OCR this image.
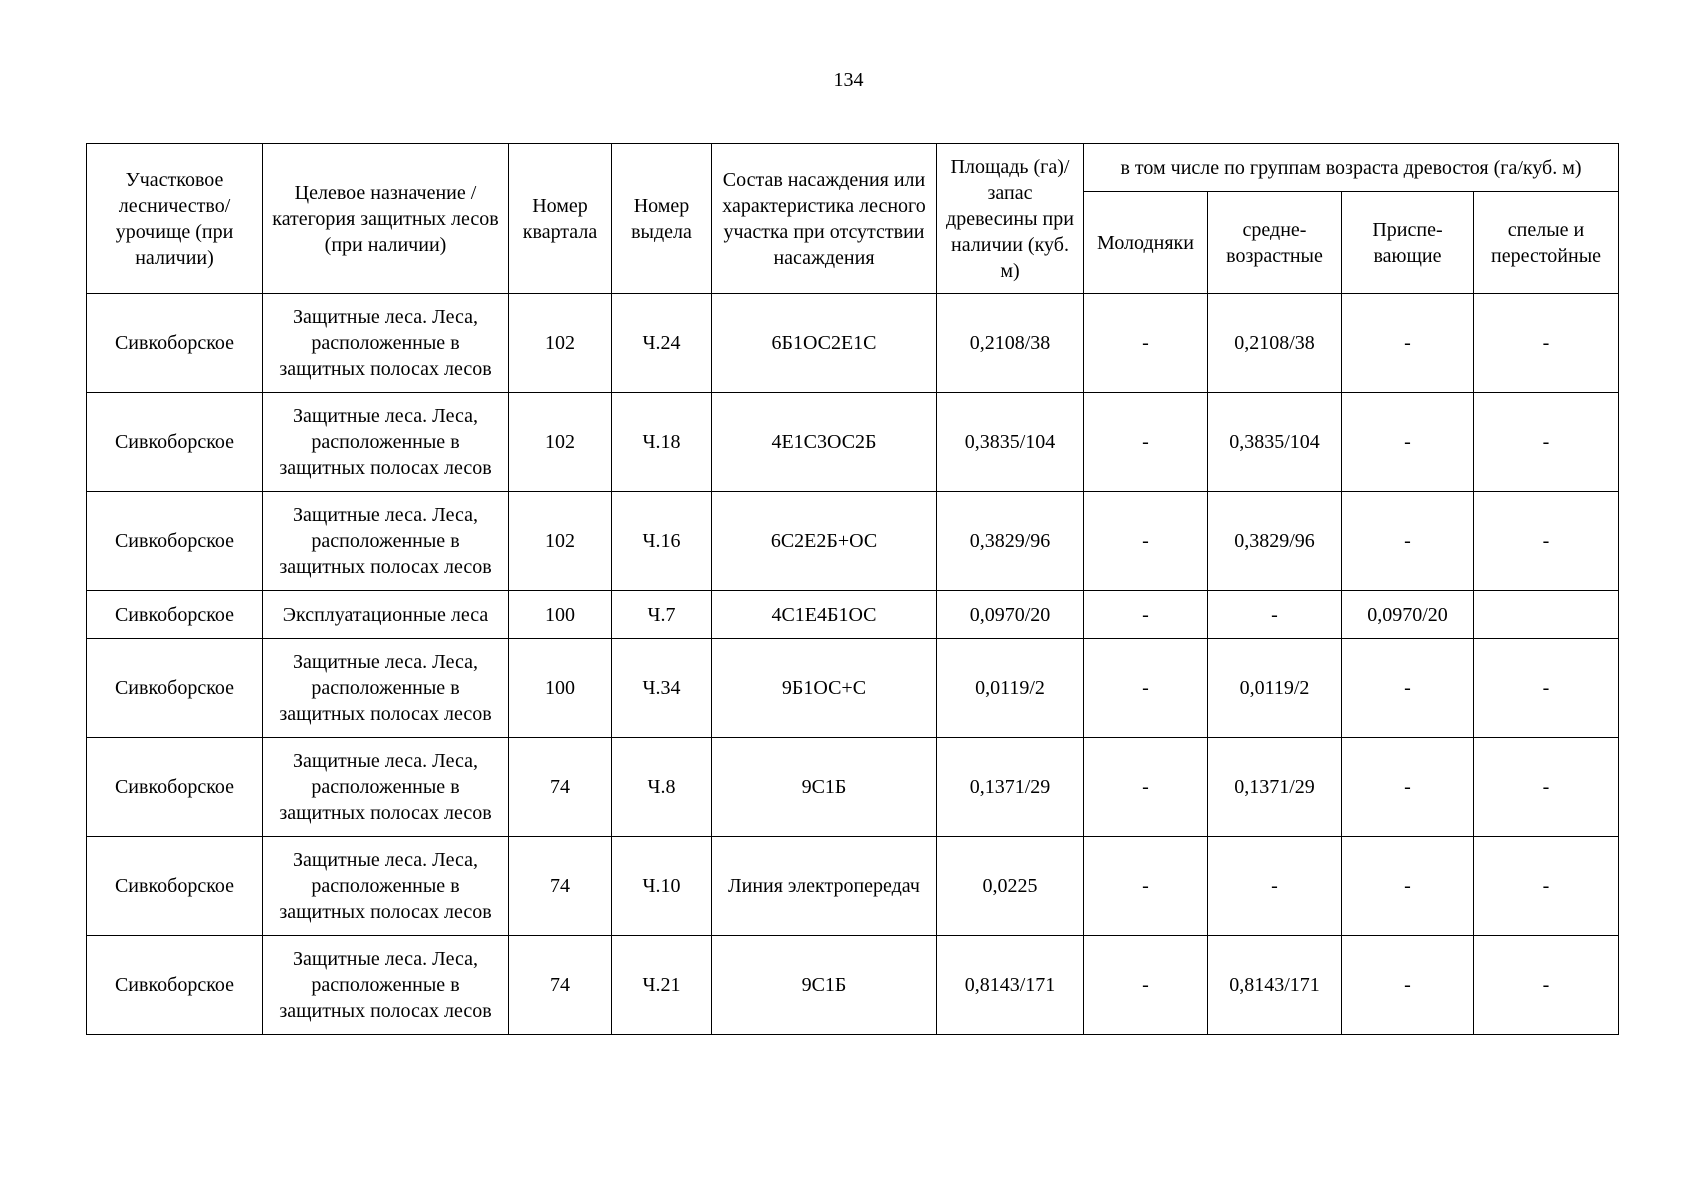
134
Участковое лесничество/ урочище (при наличии)	Целевое назначение / категория защитных лесов (при наличии)	Номер квартала	Номер выдела	Состав насаждения или характеристика лесного участка при отсутствии насаждения	Площадь (га)/ запас древесины при наличии (куб. м)	в том числе по группам возраста древостоя (га/куб. м)			
						Молодняки	средне- возрастные	Приспе- вающие	спелые и перестойные
Сивкоборское	Защитные леса. Леса, расположенные в защитных полосах лесов	102	Ч.24	6Б1ОС2Е1С	0,2108/38	-	0,2108/38	-	-
Сивкоборское	Защитные леса. Леса, расположенные в защитных полосах лесов	102	Ч.18	4Е1С3ОС2Б	0,3835/104	-	0,3835/104	-	-
Сивкоборское	Защитные леса. Леса, расположенные в защитных полосах лесов	102	Ч.16	6С2Е2Б+ОС	0,3829/96	-	0,3829/96	-	-
Сивкоборское	Эксплуатационные леса	100	Ч.7	4С1Е4Б1ОС	0,0970/20	-	-	0,0970/20	
Сивкоборское	Защитные леса. Леса, расположенные в защитных полосах лесов	100	Ч.34	9Б1ОС+С	0,0119/2	-	0,0119/2	-	-
Сивкоборское	Защитные леса. Леса, расположенные в защитных полосах лесов	74	Ч.8	9С1Б	0,1371/29	-	0,1371/29	-	-
Сивкоборское	Защитные леса. Леса, расположенные в защитных полосах лесов	74	Ч.10	Линия электропередач	0,0225	-	-	-	-
Сивкоборское	Защитные леса. Леса, расположенные в защитных полосах лесов	74	Ч.21	9С1Б	0,8143/171	-	0,8143/171	-	-
